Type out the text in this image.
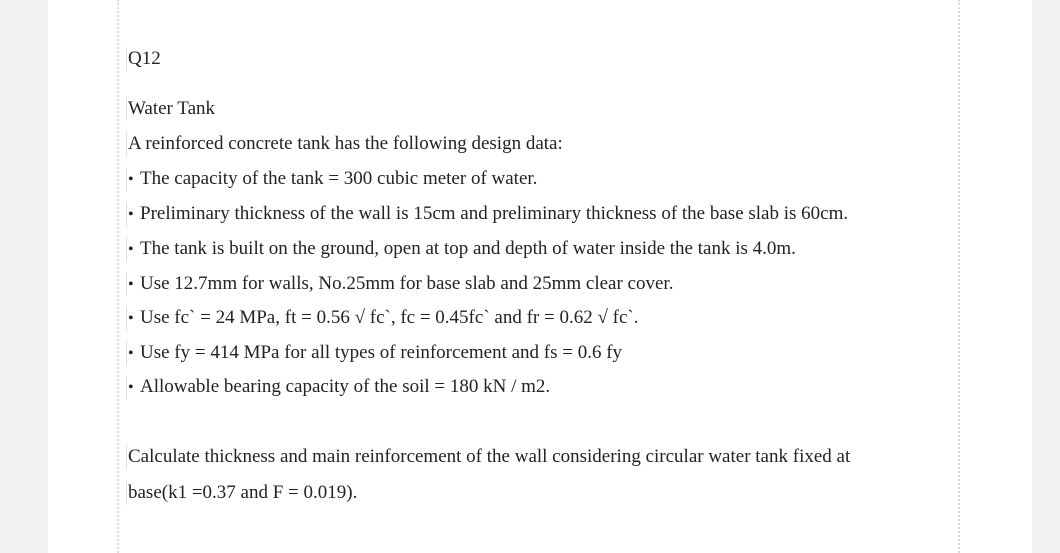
Q12
Water Tank
A reinforced concrete tank has the following design data:
• The capacity of the tank = 300 cubic meter of water.
• Preliminary thickness of the wall is 15cm and preliminary thickness of the base slab is 60cm.
• The tank is built on the ground, open at top and depth of water inside the tank is 4.0m.
• Use 12.7mm for walls, No.25mm for base slab and 25mm clear cover.
• Use fc` = 24 MPa, ft = 0.56 √ fc`, fc = 0.45fc` and fr = 0.62 √ fc`.
• Use fy = 414 MPa for all types of reinforcement and fs = 0.6 fy
• Allowable bearing capacity of the soil = 180 kN / m2.
Calculate thickness and main reinforcement of the wall considering circular water tank fixed at
base(k1 =0.37 and F = 0.019).
